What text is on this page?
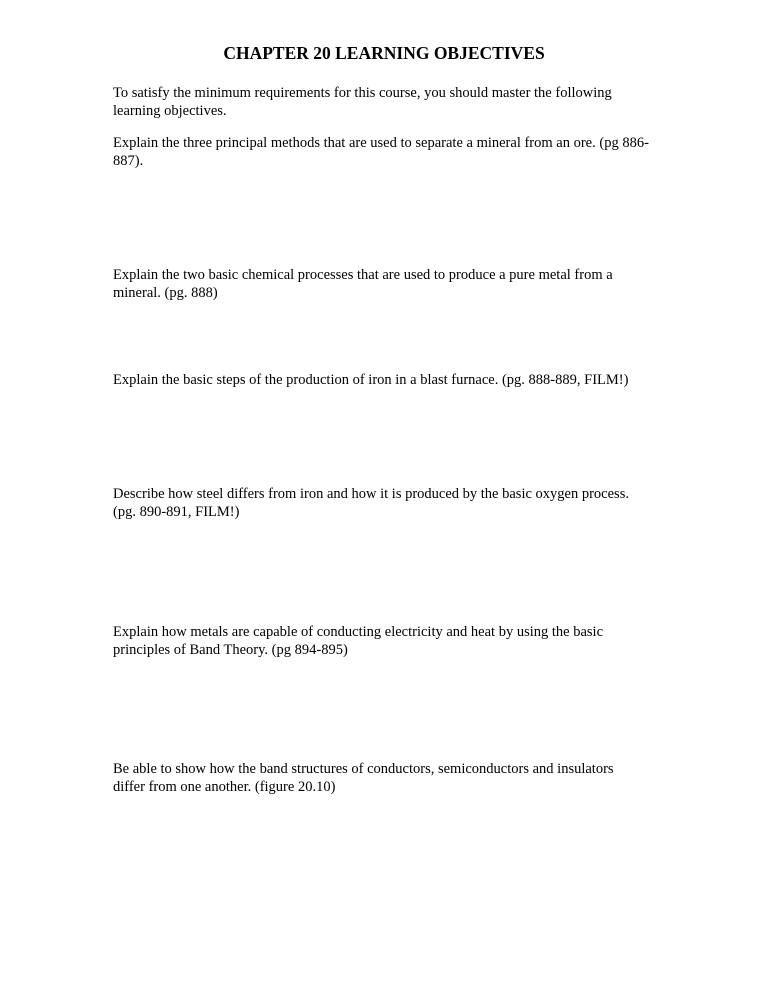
CHAPTER 20 LEARNING OBJECTIVES

To satisfy the minimum requirements for this course, you should master the following
learning objectives.

Explain the three principal methods that are used to separate a mineral from an ore. (pg 886-
887).

Explain the two basic chemical processes that are used to produce a pure metal from a
mineral. (pg. 888)

Explain the basic steps of the production of iron in a blast furnace. (pg. 888-889, FILM!)

Describe how steel differs from iron and how it is produced by the basic oxygen process.
(pg. 890-891, FILM!)

Explain how metals are capable of conducting electricity and heat by using the basic
principles of Band Theory. (pg 894-895)

Be able to show how the band structures of conductors, semiconductors and insulators
differ from one another. (figure 20.10)
